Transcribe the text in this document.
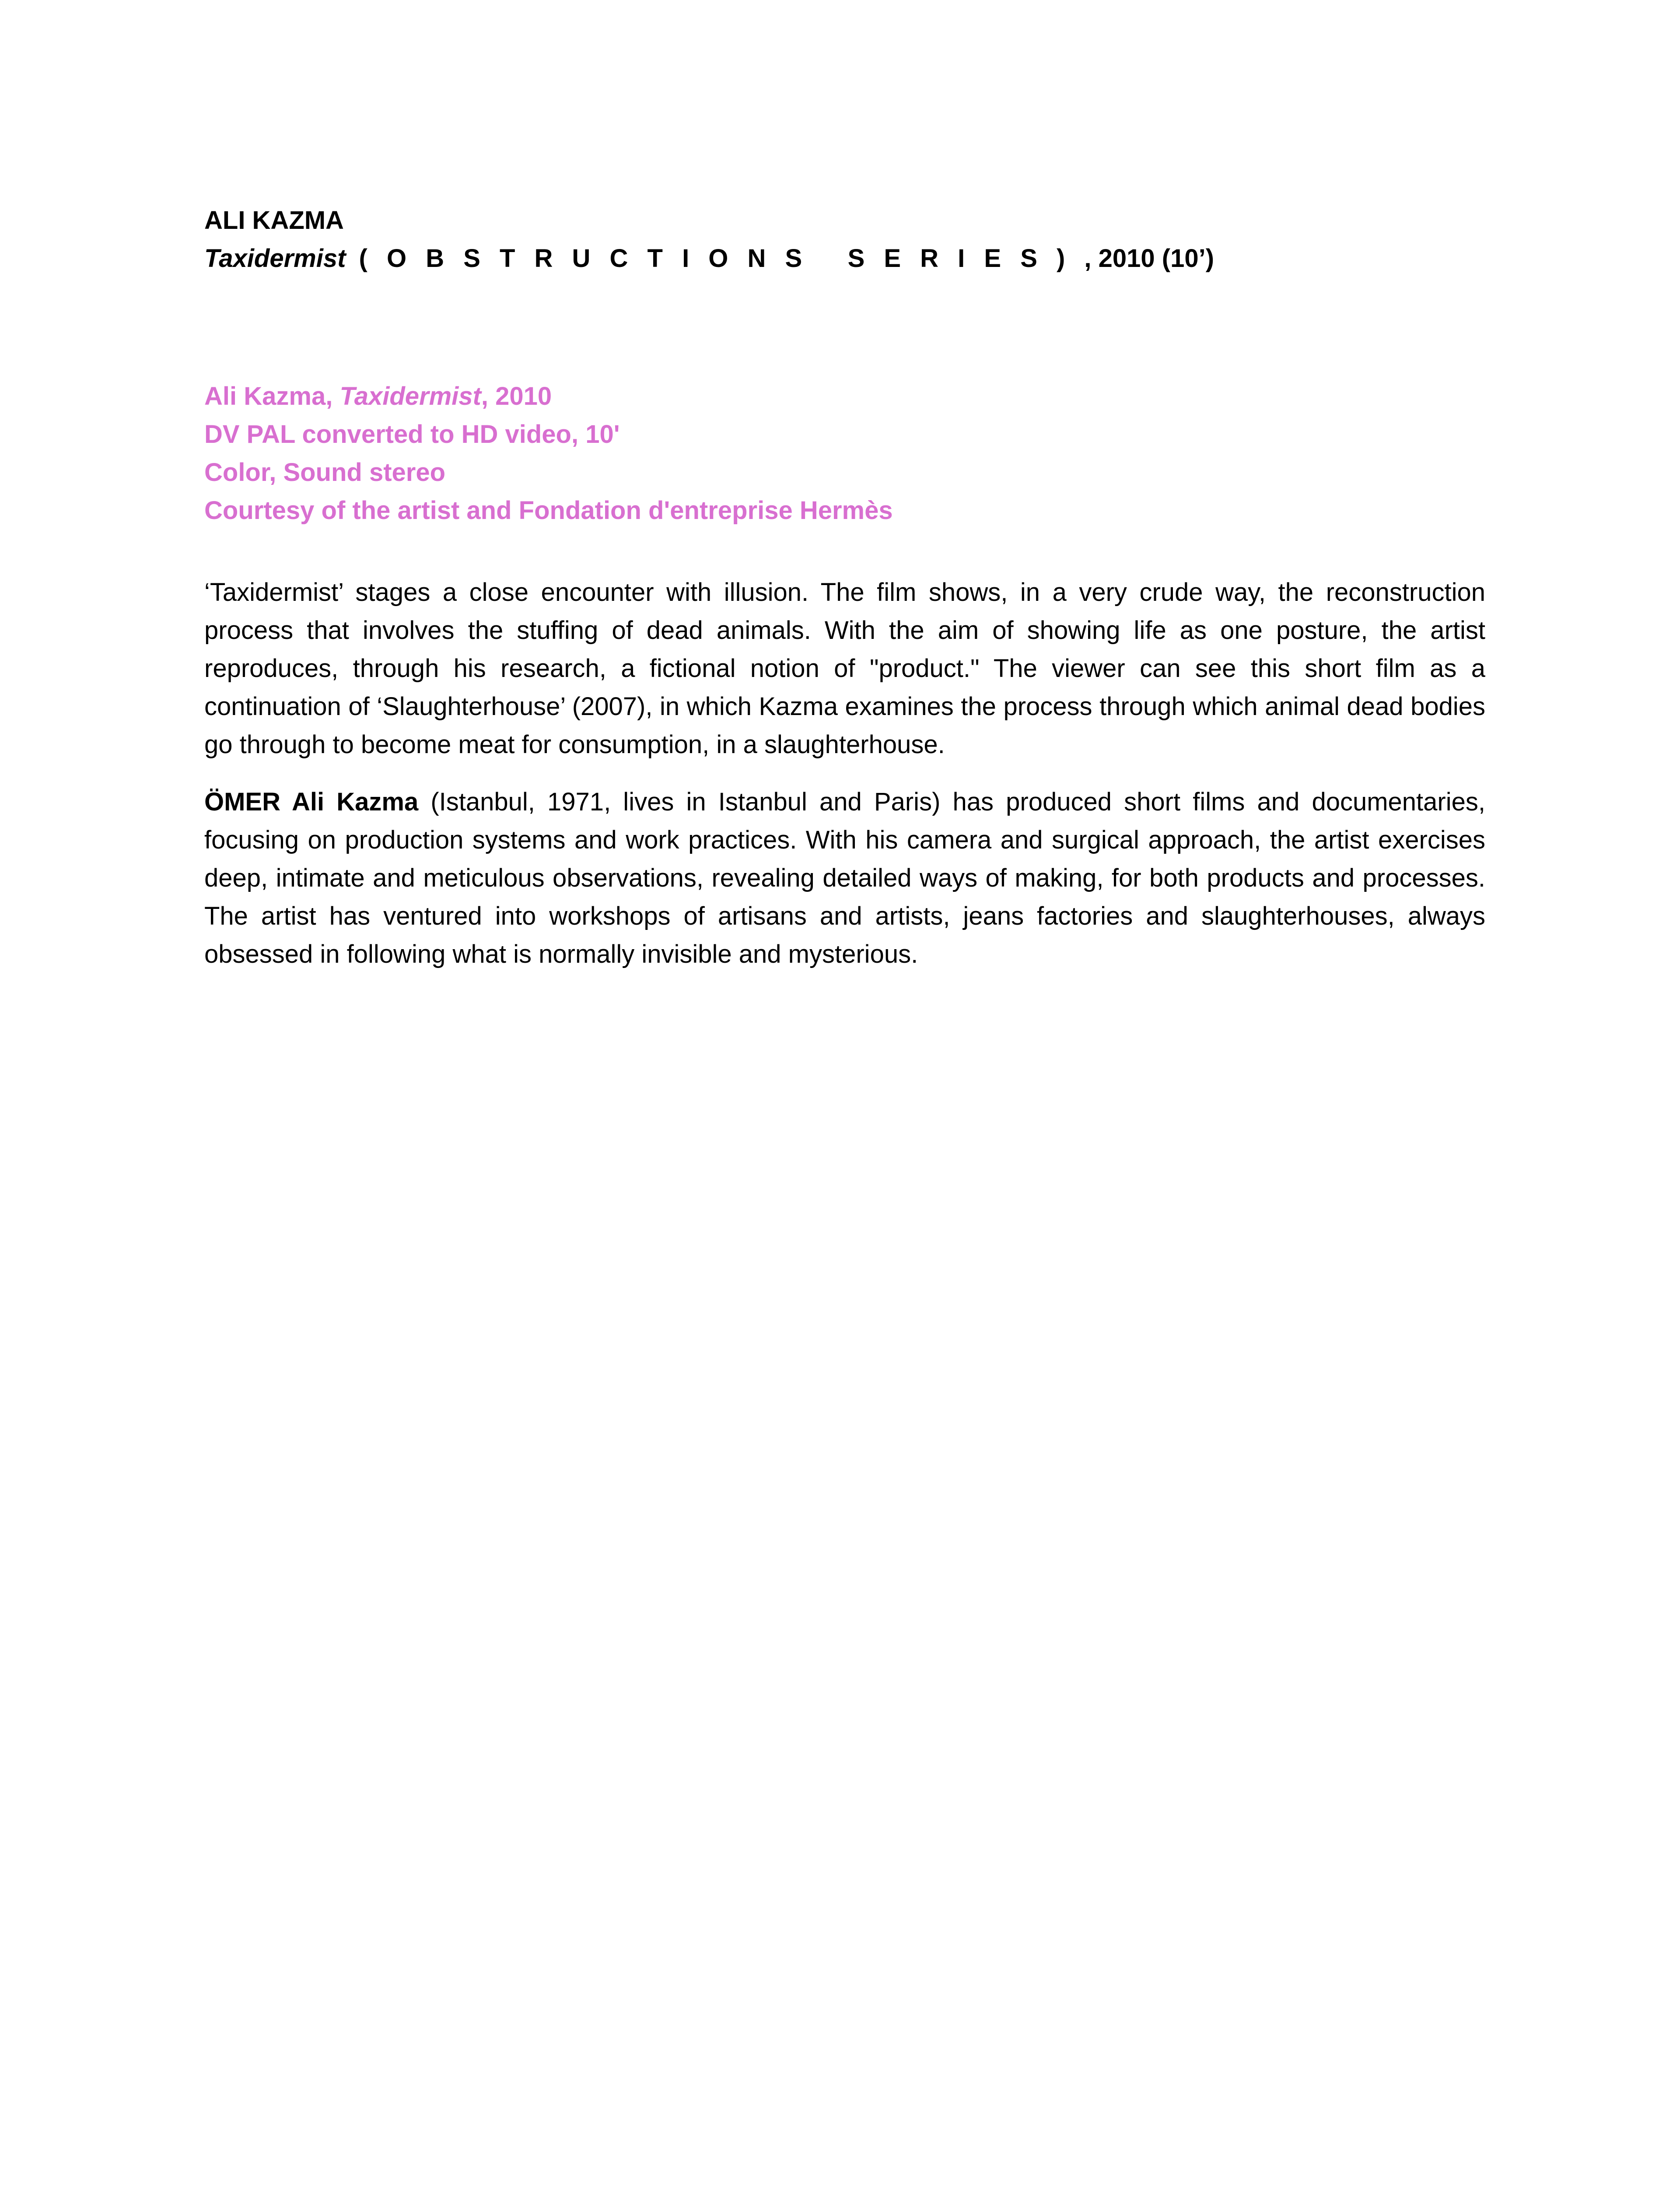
ALI KAZMA
Taxidermist ( O B S T R U C T I O N S   S E R I E S ) , 2010 (10’)
Ali Kazma, Taxidermist, 2010
DV PAL converted to HD video, 10'
Color, Sound stereo
Courtesy of the artist and Fondation d'entreprise Hermès

‘Taxidermist’ stages a close encounter with illusion. The film shows, in a very crude way, the reconstruction process that involves the stuffing of dead animals. With the aim of showing life as one posture, the artist reproduces, through his research, a fictional notion of "product." The viewer can see this short film as a continuation of ‘Slaughterhouse’ (2007), in which Kazma examines the process through which animal dead bodies go through to become meat for consumption, in a slaughterhouse.

ÖMER Ali Kazma (Istanbul, 1971, lives in Istanbul and Paris) has produced short films and documentaries, focusing on production systems and work practices. With his camera and surgical approach, the artist exercises deep, intimate and meticulous observations, revealing detailed ways of making, for both products and processes. The artist has ventured into workshops of artisans and artists, jeans factories and slaughterhouses, always obsessed in following what is normally invisible and mysterious.
